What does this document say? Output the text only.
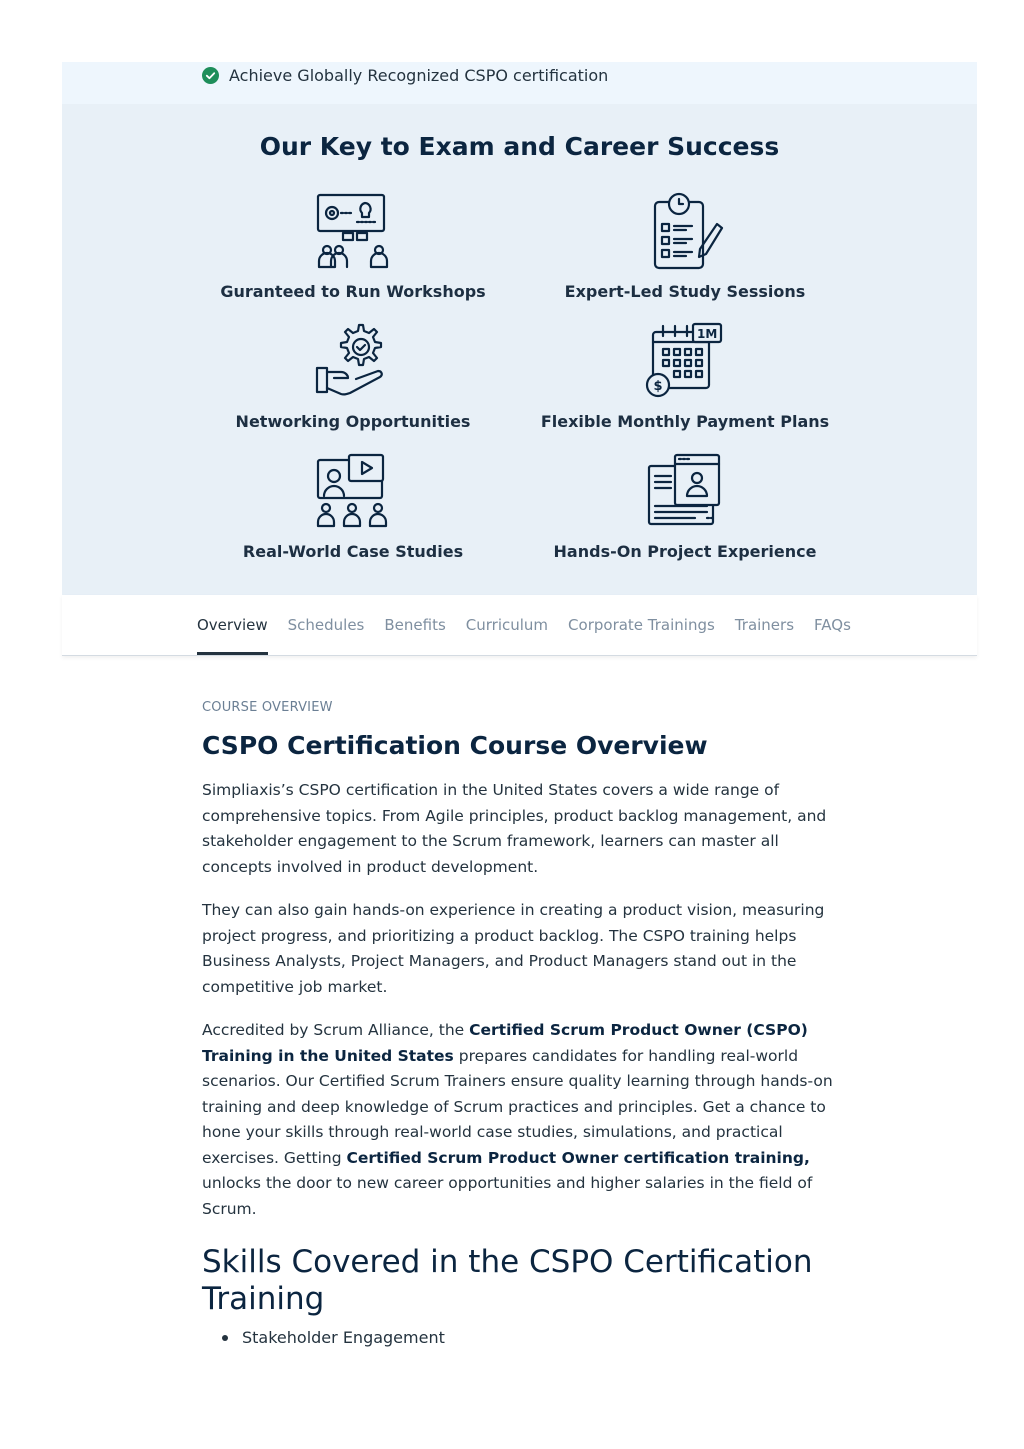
Achieve Globally Recognized CSPO certification
Our Key to Exam and Career Success
Guranteed to Run Workshops	Expert-Led Study Sessions
Networking Opportunities
1M
$
Flexible Monthly Payment Plans
Real-World Case Studies	Hands-On Project Experience
Overview Schedules Benefits Curriculum Corporate Trainings Trainers FAQs
COURSE OVERVIEW
CSPO Certification Course Overview

Simpliaxis’s CSPO certification in the United States covers a wide range of comprehensive topics. From Agile principles, product backlog management, and stakeholder engagement to the Scrum framework, learners can master all concepts involved in product development.

They can also gain hands-on experience in creating a product vision, measuring project progress, and prioritizing a product backlog. The CSPO training helps Business Analysts, Project Managers, and Product Managers stand out in the competitive job market.

Accredited by Scrum Alliance, the Certified Scrum Product Owner (CSPO) Training in the United States prepares candidates for handling real-world scenarios. Our Certified Scrum Trainers ensure quality learning through hands-on training and deep knowledge of Scrum practices and principles. Get a chance to hone your skills through real-world case studies, simulations, and practical exercises. Getting Certified Scrum Product Owner certification training, unlocks the door to new career opportunities and higher salaries in the field of Scrum.

Skills Covered in the CSPO Certification Training
Stakeholder Engagement
